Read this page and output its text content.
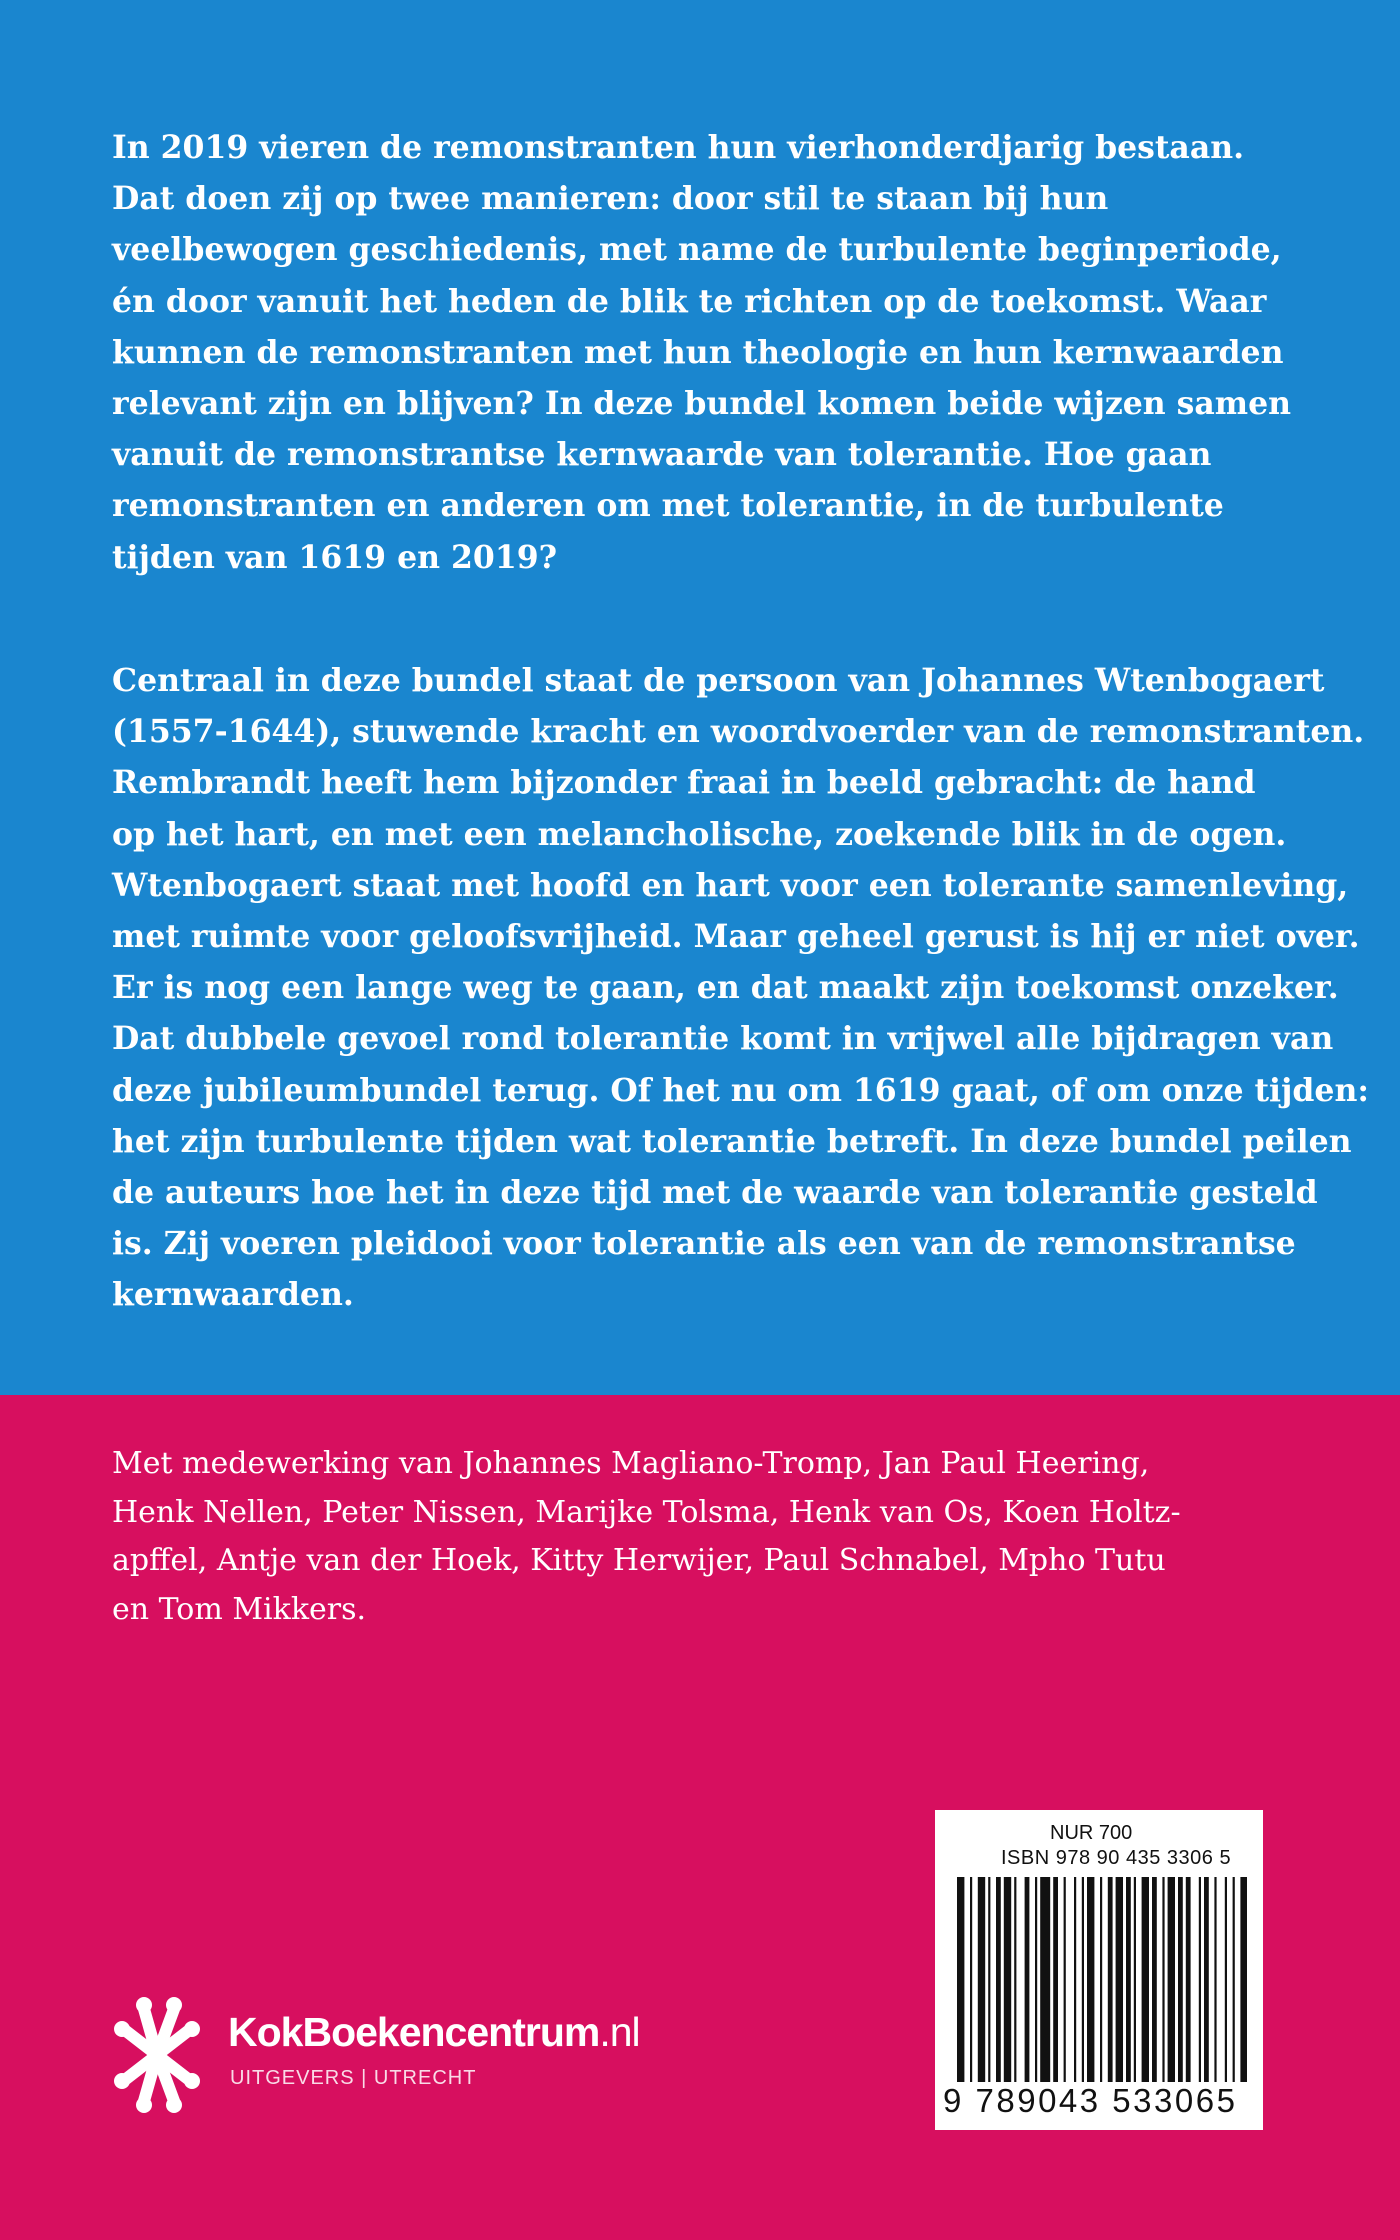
In 2019 vieren de remonstranten hun vierhonderdjarig bestaan.
Dat doen zij op twee manieren: door stil te staan bij hun
veelbewogen geschiedenis, met name de turbulente beginperiode,
én door vanuit het heden de blik te richten op de toekomst. Waar
kunnen de remonstranten met hun theologie en hun kernwaarden
relevant zijn en blijven? In deze bundel komen beide wijzen samen
vanuit de remonstrantse kernwaarde van tolerantie. Hoe gaan
remonstranten en anderen om met tolerantie, in de turbulente
tijden van 1619 en 2019?
Centraal in deze bundel staat de persoon van Johannes Wtenbogaert
(1557-1644), stuwende kracht en woordvoerder van de remonstranten.
Rembrandt heeft hem bijzonder fraai in beeld gebracht: de hand
op het hart, en met een melancholische, zoekende blik in de ogen.
Wtenbogaert staat met hoofd en hart voor een tolerante samenleving,
met ruimte voor geloofsvrijheid. Maar geheel gerust is hij er niet over.
Er is nog een lange weg te gaan, en dat maakt zijn toekomst onzeker.
Dat dubbele gevoel rond tolerantie komt in vrijwel alle bijdragen van
deze jubileumbundel terug. Of het nu om 1619 gaat, of om onze tijden:
het zijn turbulente tijden wat tolerantie betreft. In deze bundel peilen
de auteurs hoe het in deze tijd met de waarde van tolerantie gesteld
is. Zij voeren pleidooi voor tolerantie als een van de remonstrantse
kernwaarden.
Met medewerking van Johannes Magliano-Tromp, Jan Paul Heering,
Henk Nellen, Peter Nissen, Marijke Tolsma, Henk van Os, Koen Holtz-
apffel, Antje van der Hoek, Kitty Herwijer, Paul Schnabel, Mpho Tutu
en Tom Mikkers.
KokBoekencentrum.nl
UITGEVERS | UTRECHT
NUR 700
ISBN 978 90 435 3306 5
9 789043 533065
